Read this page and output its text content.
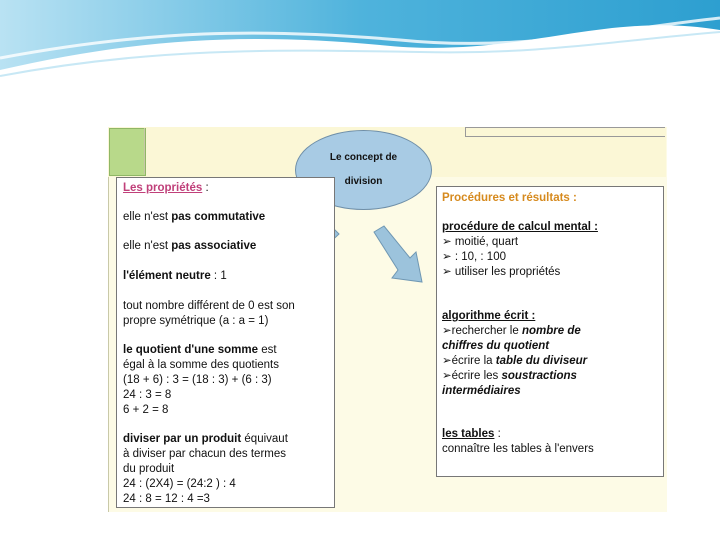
Le concept de
division
Les propriétés :
elle n'est pas commutative
elle n'est pas associative
l'élément neutre : 1
tout nombre différent de 0 est son
propre symétrique (a : a = 1)
le quotient d'une somme est
égal à la somme des quotients
(18 + 6) : 3 = (18 : 3) + (6 : 3)
24 : 3 = 8
6 + 2 = 8
diviser par un produit équivaut
à diviser par chacun des termes
du produit
24 : (2X4) = (24:2 ) : 4
24 : 8 = 12 : 4 =3
Procédures et résultats :
procédure de calcul mental :
➢ moitié, quart
➢ : 10, : 100
➢ utiliser les propriétés
algorithme écrit :
➢rechercher le nombre de
chiffres du quotient
➢écrire la table du diviseur
➢écrire les soustractions
intermédiaires
les tables :
connaître les tables à l'envers
